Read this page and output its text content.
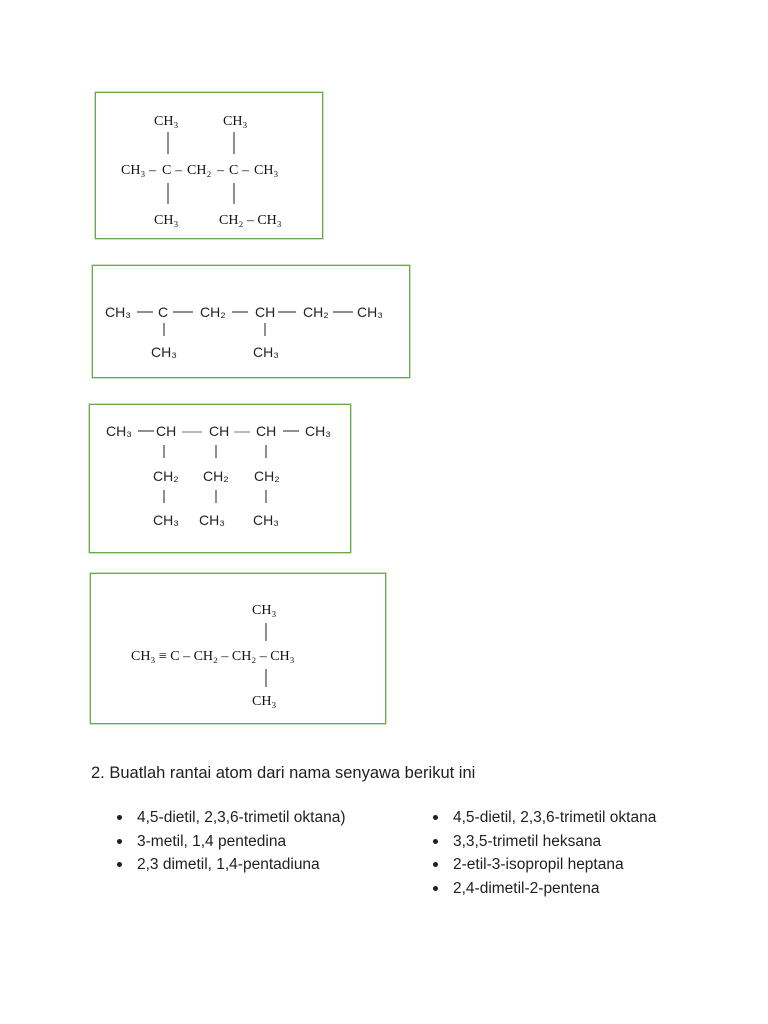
CH₃	CH₃
CH₃ – C – CH₂ – C – CH₃
CH₃	CH₂ – CH₃
CH₃ C CH₂ CH CH₂ CH₃
CH₃	CH₃
CH₃ CH CH CH CH₃
CH₂ CH₂ CH₂
CH₃ CH₃ CH₃
CH₃
CH₃ ≡ C – CH₂ – CH₂ – CH₃
CH₃
2. Buatlah rantai atom dari nama senyawa berikut ini
4,5-dietil, 2,3,6-trimetil oktana)
3-metil, 1,4 pentedina
2,3 dimetil, 1,4-pentadiuna
4,5-dietil, 2,3,6-trimetil oktana
3,3,5-trimetil heksana
2-etil-3-isopropil heptana
2,4-dimetil-2-pentena
